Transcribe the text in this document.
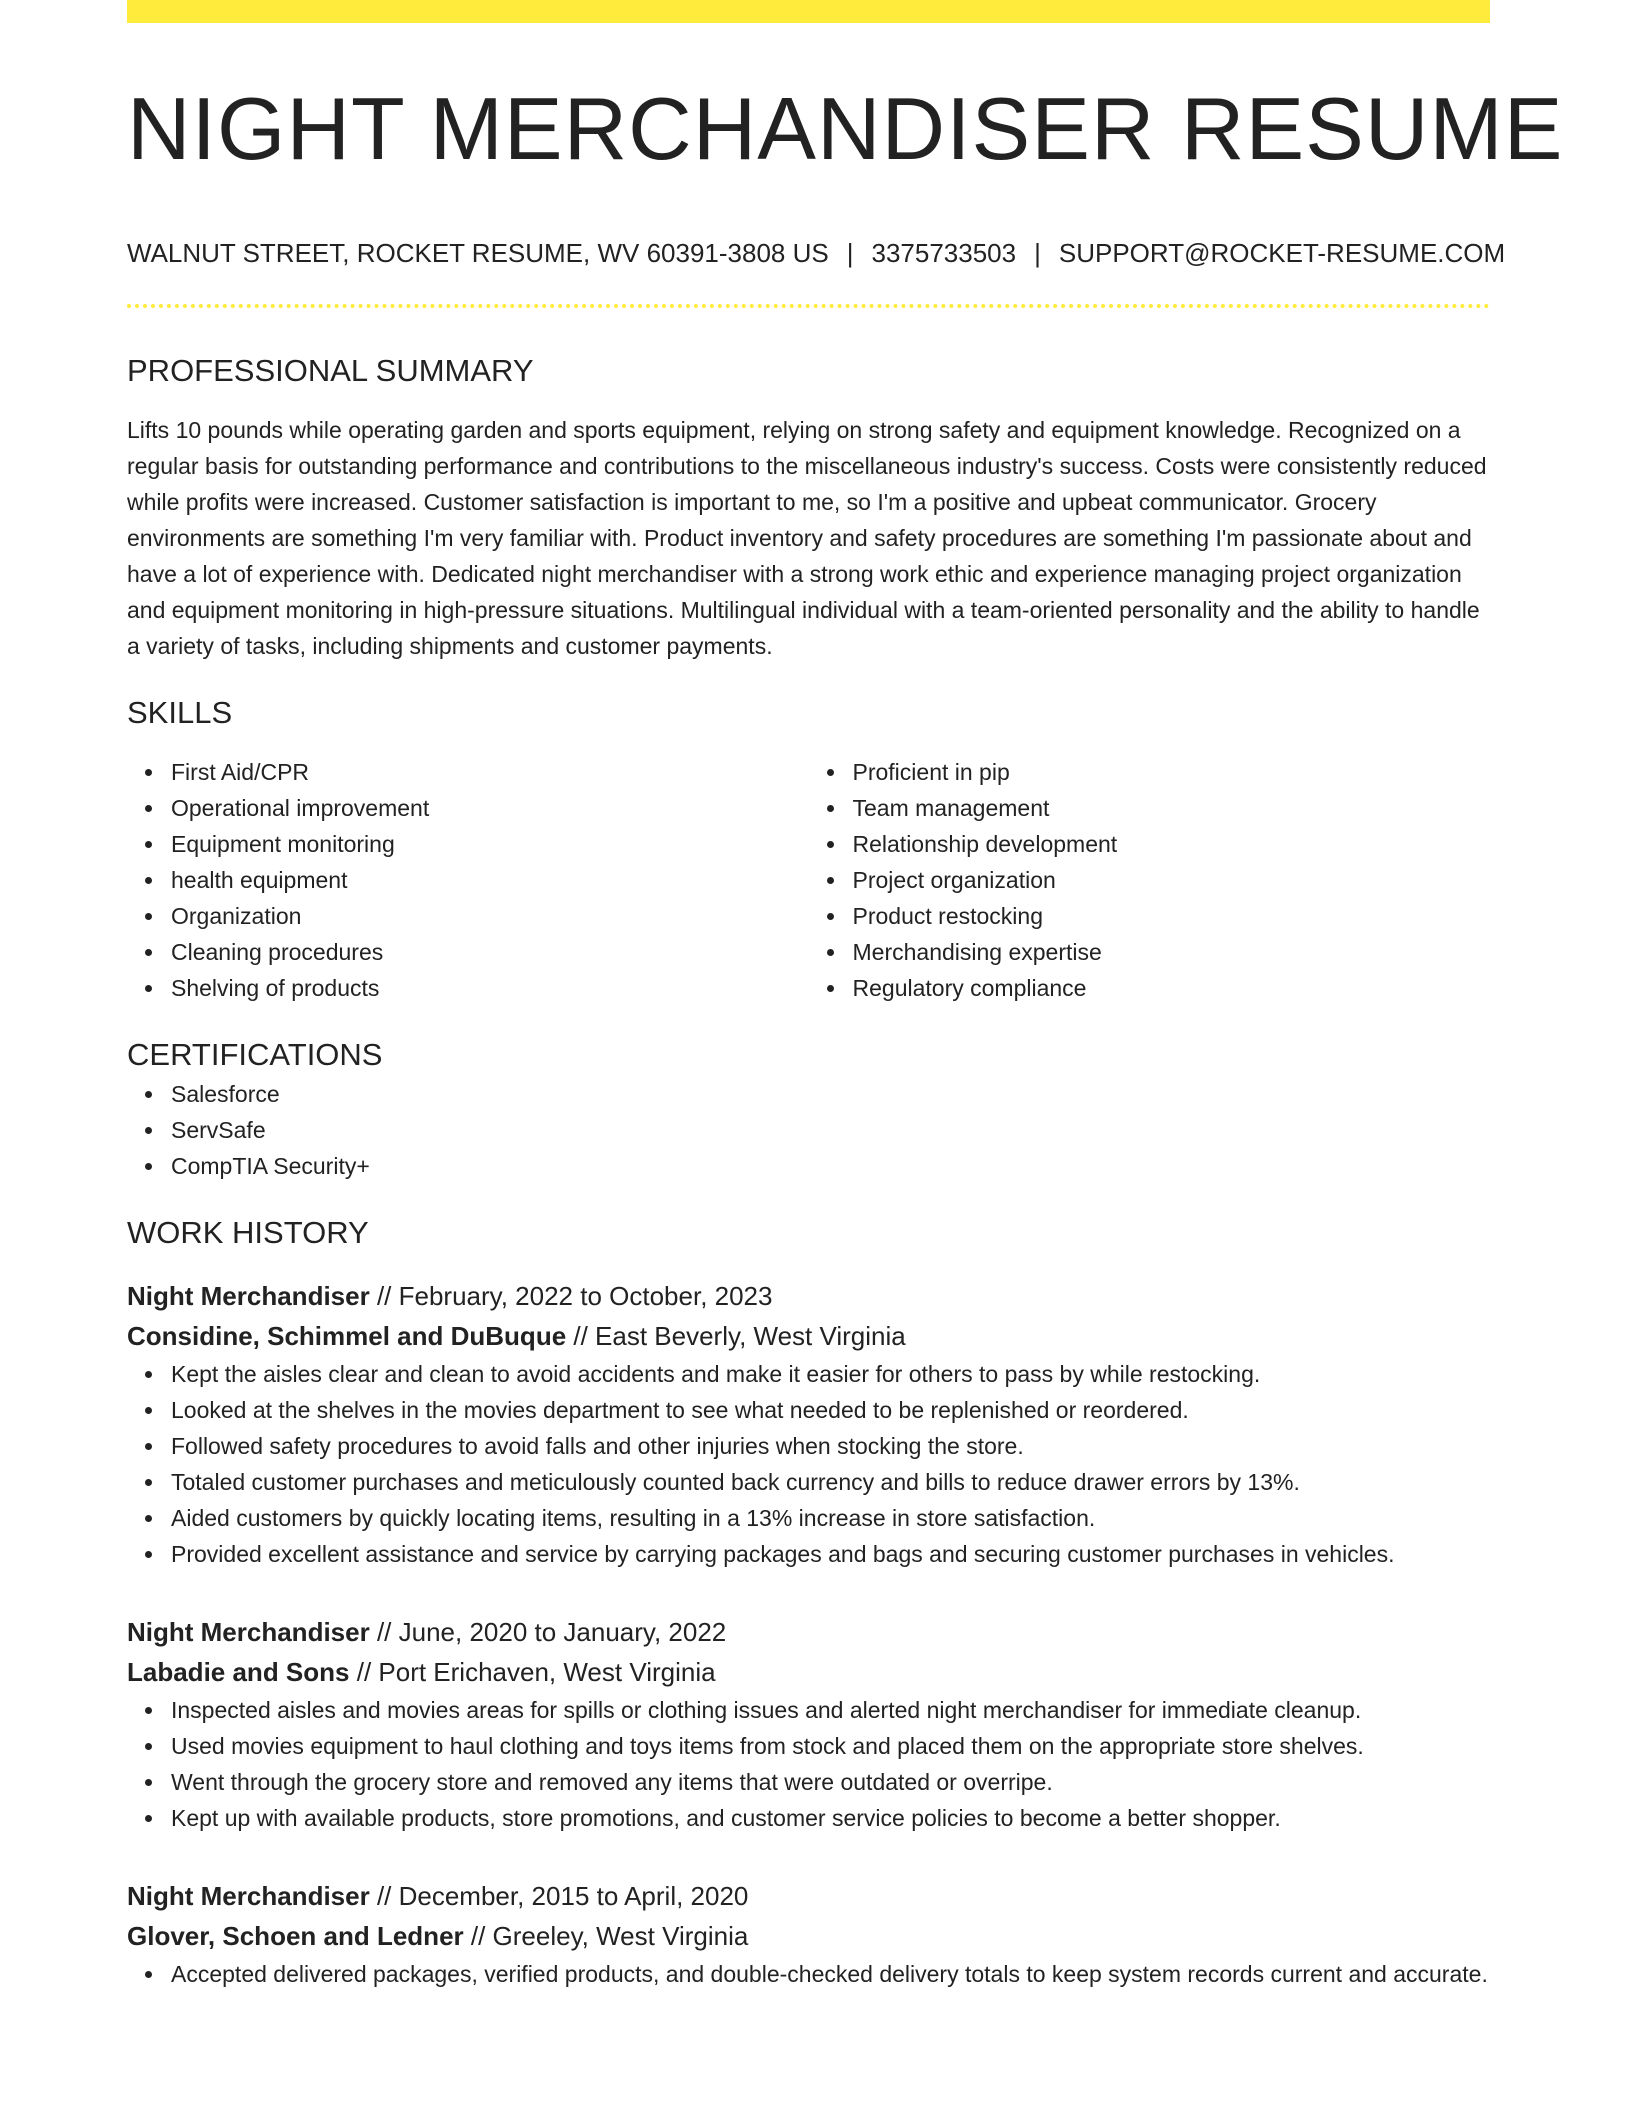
NIGHT MERCHANDISER RESUME
WALNUT STREET, ROCKET RESUME, WV 60391-3808 US | 3375733503 | SUPPORT@ROCKET-RESUME.COM
PROFESSIONAL SUMMARY

Lifts 10 pounds while operating garden and sports equipment, relying on strong safety and equipment knowledge. Recognized on a regular basis for outstanding performance and contributions to the miscellaneous industry's success. Costs were consistently reduced while profits were increased. Customer satisfaction is important to me, so I'm a positive and upbeat communicator. Grocery environments are something I'm very familiar with. Product inventory and safety procedures are something I'm passionate about and have a lot of experience with. Dedicated night merchandiser with a strong work ethic and experience managing project organization and equipment monitoring in high-pressure situations. Multilingual individual with a team-oriented personality and the ability to handle a variety of tasks, including shipments and customer payments.

SKILLS
First Aid/CPR
Operational improvement
Equipment monitoring
health equipment
Organization
Cleaning procedures
Shelving of products
Proficient in pip
Team management
Relationship development
Project organization
Product restocking
Merchandising expertise
Regulatory compliance
CERTIFICATIONS
Salesforce
ServSafe
CompTIA Security+
WORK HISTORY
Night Merchandiser // February, 2022 to October, 2023
Considine, Schimmel and DuBuque // East Beverly, West Virginia
Kept the aisles clear and clean to avoid accidents and make it easier for others to pass by while restocking.
Looked at the shelves in the movies department to see what needed to be replenished or reordered.
Followed safety procedures to avoid falls and other injuries when stocking the store.
Totaled customer purchases and meticulously counted back currency and bills to reduce drawer errors by 13%.
Aided customers by quickly locating items, resulting in a 13% increase in store satisfaction.
Provided excellent assistance and service by carrying packages and bags and securing customer purchases in vehicles.
Night Merchandiser // June, 2020 to January, 2022
Labadie and Sons // Port Erichaven, West Virginia
Inspected aisles and movies areas for spills or clothing issues and alerted night merchandiser for immediate cleanup.
Used movies equipment to haul clothing and toys items from stock and placed them on the appropriate store shelves.
Went through the grocery store and removed any items that were outdated or overripe.
Kept up with available products, store promotions, and customer service policies to become a better shopper.
Night Merchandiser // December, 2015 to April, 2020
Glover, Schoen and Ledner // Greeley, West Virginia
Accepted delivered packages, verified products, and double-checked delivery totals to keep system records current and accurate.
